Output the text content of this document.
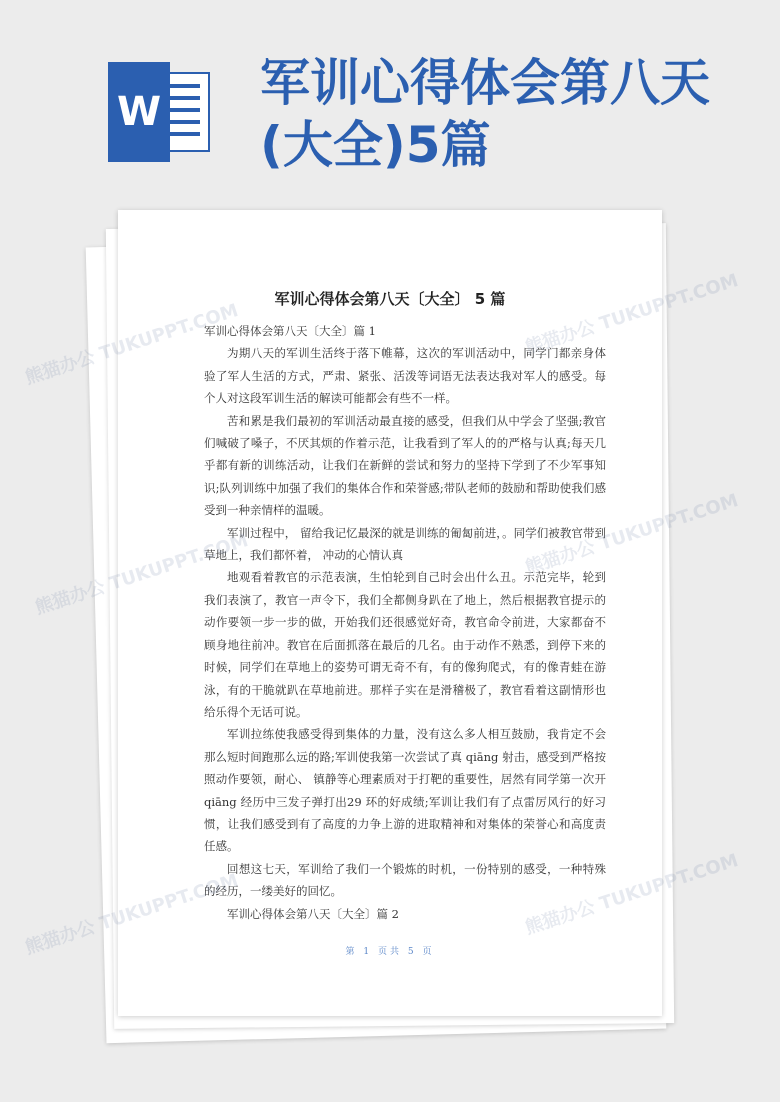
W 军训心得体会第八天(大全)5篇
军训心得体会第八天〔大全〕 5 篇

军训心得体会第八天〔大全〕篇 1

为期八天的军训生活终于落下帷幕，这次的军训活动中，同学门都亲身体验了军人生活的方式，严肃、紧张、活泼等词语无法表达我对军人的感受。每个人对这段军训生活的解读可能都会有些不一样。

苦和累是我们最初的军训活动最直接的感受，但我们从中学会了坚强;教官们喊破了嗓子，不厌其烦的作着示范，让我看到了军人的的严格与认真;每天几乎都有新的训练活动，让我们在新鲜的尝试和努力的坚持下学到了不少军事知识;队列训练中加强了我们的集体合作和荣誉感;带队老师的鼓励和帮助使我们感受到一种亲情样的温暖。

军训过程中， 留给我记忆最深的就是训练的匍匐前进，。同学们被教官带到草地上，我们都怀着， 冲动的心情认真

地观看着教官的示范表演，生怕轮到自己时会出什么丑。示范完毕，轮到我们表演了，教官一声令下，我们全都侧身趴在了地上，然后根据教官提示的动作要领一步一步的做，开始我们还很感觉好奇，教官命令前进，大家都奋不顾身地往前冲。教官在后面抓落在最后的几名。由于动作不熟悉，到停下来的时候，同学们在草地上的姿势可谓无奇不有，有的像狗爬式，有的像青蛙在游泳，有的干脆就趴在草地前进。那样子实在是滑稽极了，教官看着这副情形也给乐得个无话可说。

军训拉练使我感受得到集体的力量，没有这么多人相互鼓励，我肯定不会那么短时间跑那么远的路;军训使我第一次尝试了真 qiāng 射击，感受到严格按照动作要领，耐心、 镇静等心理素质对于打靶的重要性，居然有同学第一次开 qiāng 经历中三发子弹打出29 环的好成绩;军训让我们有了点雷厉风行的好习惯，让我们感受到有了高度的力争上游的进取精神和对集体的荣誉心和高度责任感。

回想这七天，军训给了我们一个锻炼的时机，一份特别的感受，一种特殊的经历，一缕美好的回忆。

军训心得体会第八天〔大全〕篇 2

第 1 页共 5 页
熊猫办公
熊猫办公
熊猫办公
TUKUPPT.COM
TUKUPPT.COM
